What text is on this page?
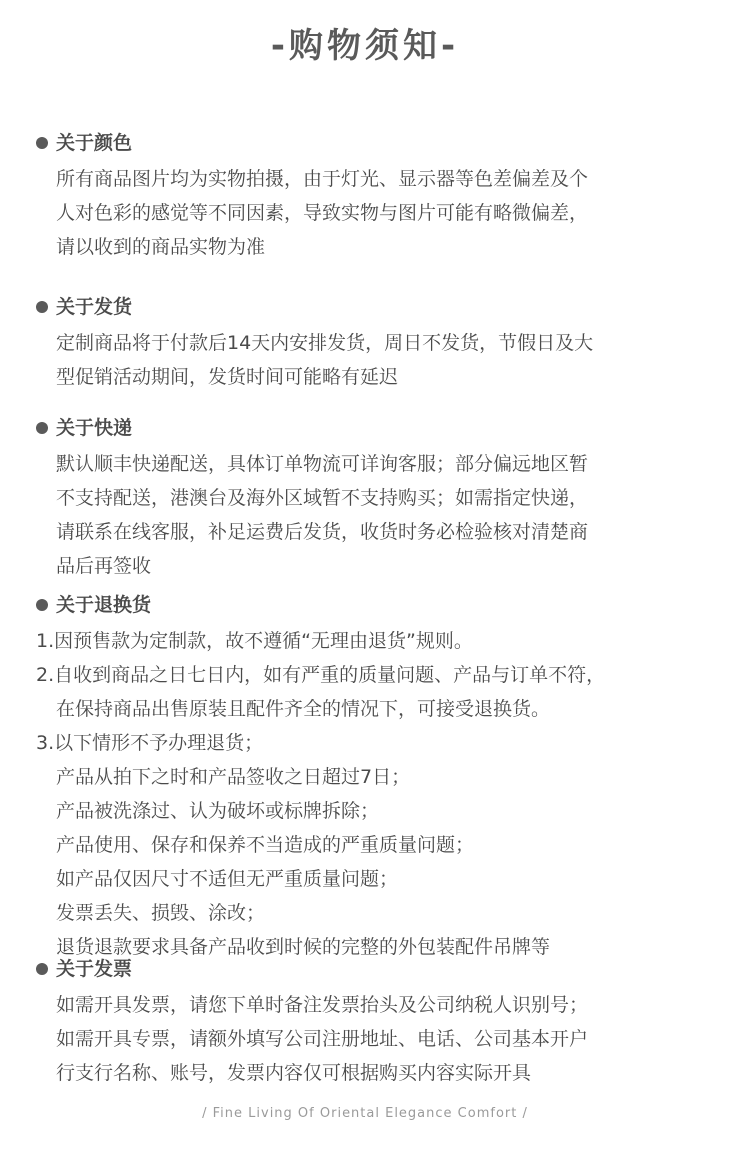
-购物须知-
关于颜色
所有商品图片均为实物拍摄，由于灯光、显示器等色差偏差及个
人对色彩的感觉等不同因素，导致实物与图片可能有略微偏差，
请以收到的商品实物为准
关于发货
定制商品将于付款后14天内安排发货，周日不发货，节假日及大
型促销活动期间，发货时间可能略有延迟
关于快递
默认顺丰快递配送，具体订单物流可详询客服；部分偏远地区暂
不支持配送，港澳台及海外区域暂不支持购买；如需指定快递，
请联系在线客服，补足运费后发货，收货时务必检验核对清楚商
品后再签收
关于退换货
1.因预售款为定制款，故不遵循“无理由退货”规则。
2.自收到商品之日七日内，如有严重的质量问题、产品与订单不符，
在保持商品出售原装且配件齐全的情况下，可接受退换货。
3.以下情形不予办理退货；
产品从拍下之时和产品签收之日超过7日；
产品被洗涤过、认为破坏或标牌拆除；
产品使用、保存和保养不当造成的严重质量问题；
如产品仅因尺寸不适但无严重质量问题；
发票丢失、损毁、涂改；
退货退款要求具备产品收到时候的完整的外包装配件吊牌等
关于发票
如需开具发票，请您下单时备注发票抬头及公司纳税人识别号；
如需开具专票，请额外填写公司注册地址、电话、公司基本开户
行支行名称、账号，发票内容仅可根据购买内容实际开具
/ Fine Living Of Oriental Elegance Comfort /
